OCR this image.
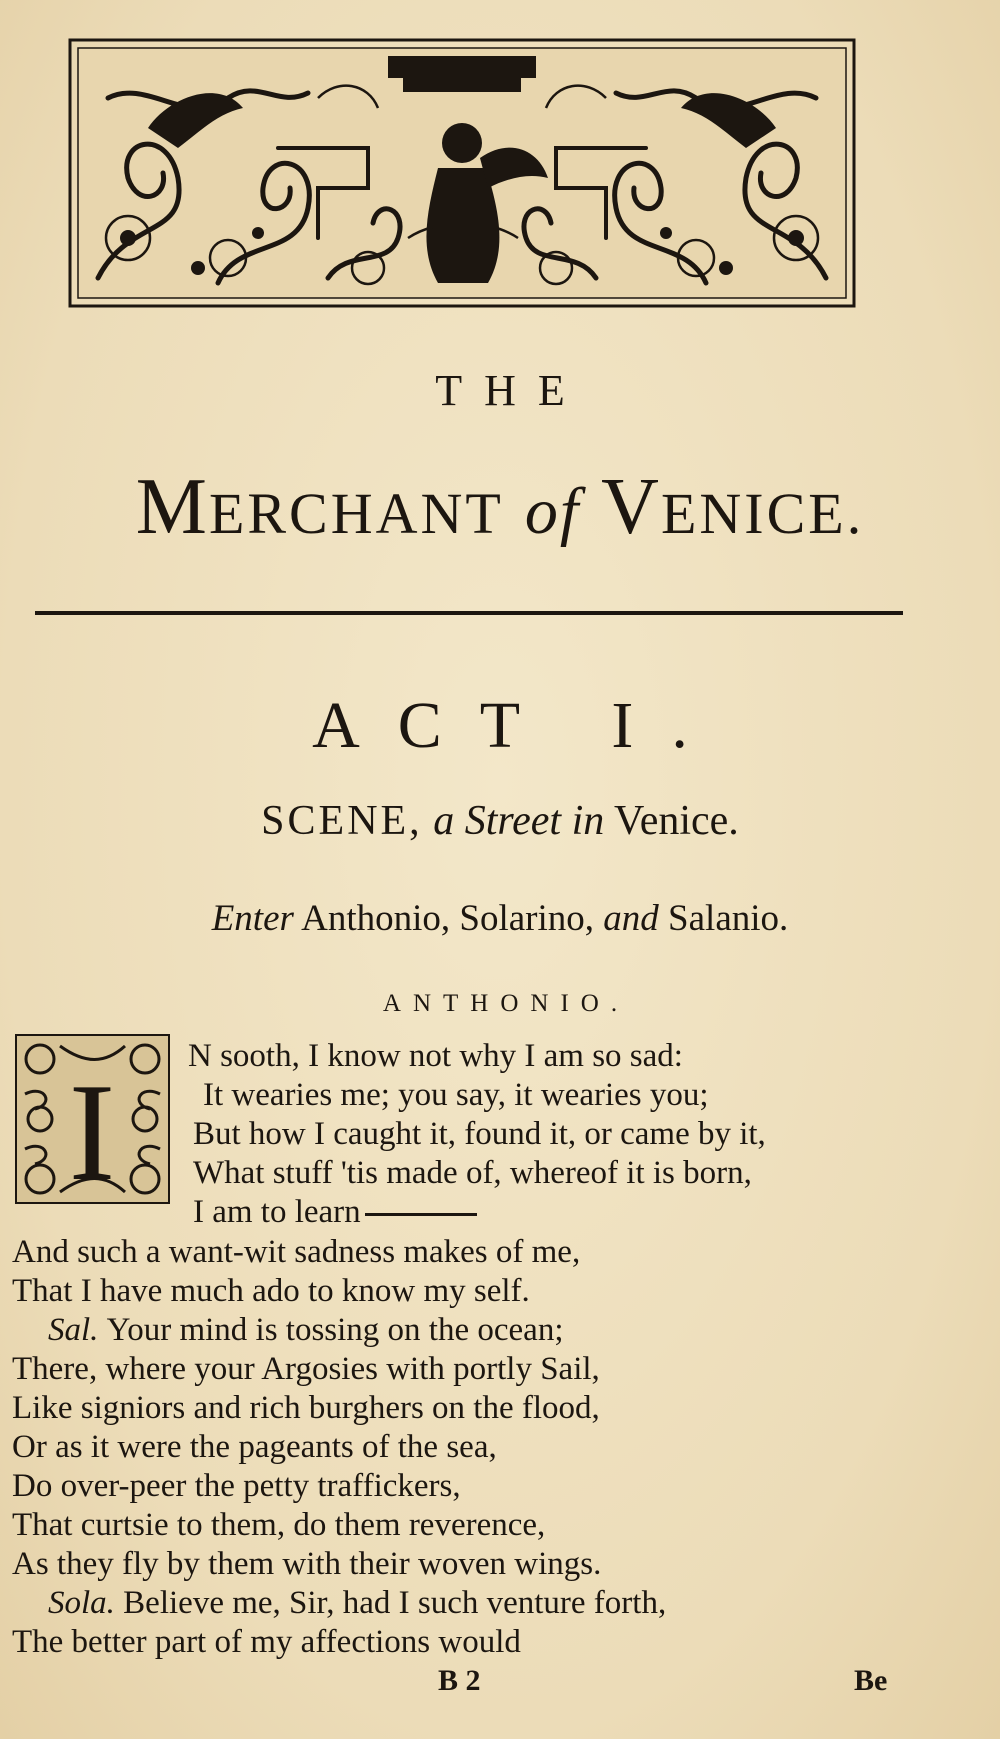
THE
MERCHANT of VENICE.
ACT I.
SCENE, a Street in Venice.
Enter Anthonio, Solarino, and Salanio.
ANTHONIO.
I N sooth, I know not why I am so sad:
It wearies me; you say, it wearies you;
But how I caught it, found it, or came by it,
What stuff 'tis made of, whereof it is born,
I am to learn
And such a want-wit sadness makes of me,
That I have much ado to know my self.
Sal. Your mind is tossing on the ocean;
There, where your Argosies with portly Sail,
Like signiors and rich burghers on the flood,
Or as it were the pageants of the sea,
Do over-peer the petty traffickers,
That curtsie to them, do them reverence,
As they fly by them with their woven wings.
Sola. Believe me, Sir, had I such venture forth,
The better part of my affections would
B 2	Be
